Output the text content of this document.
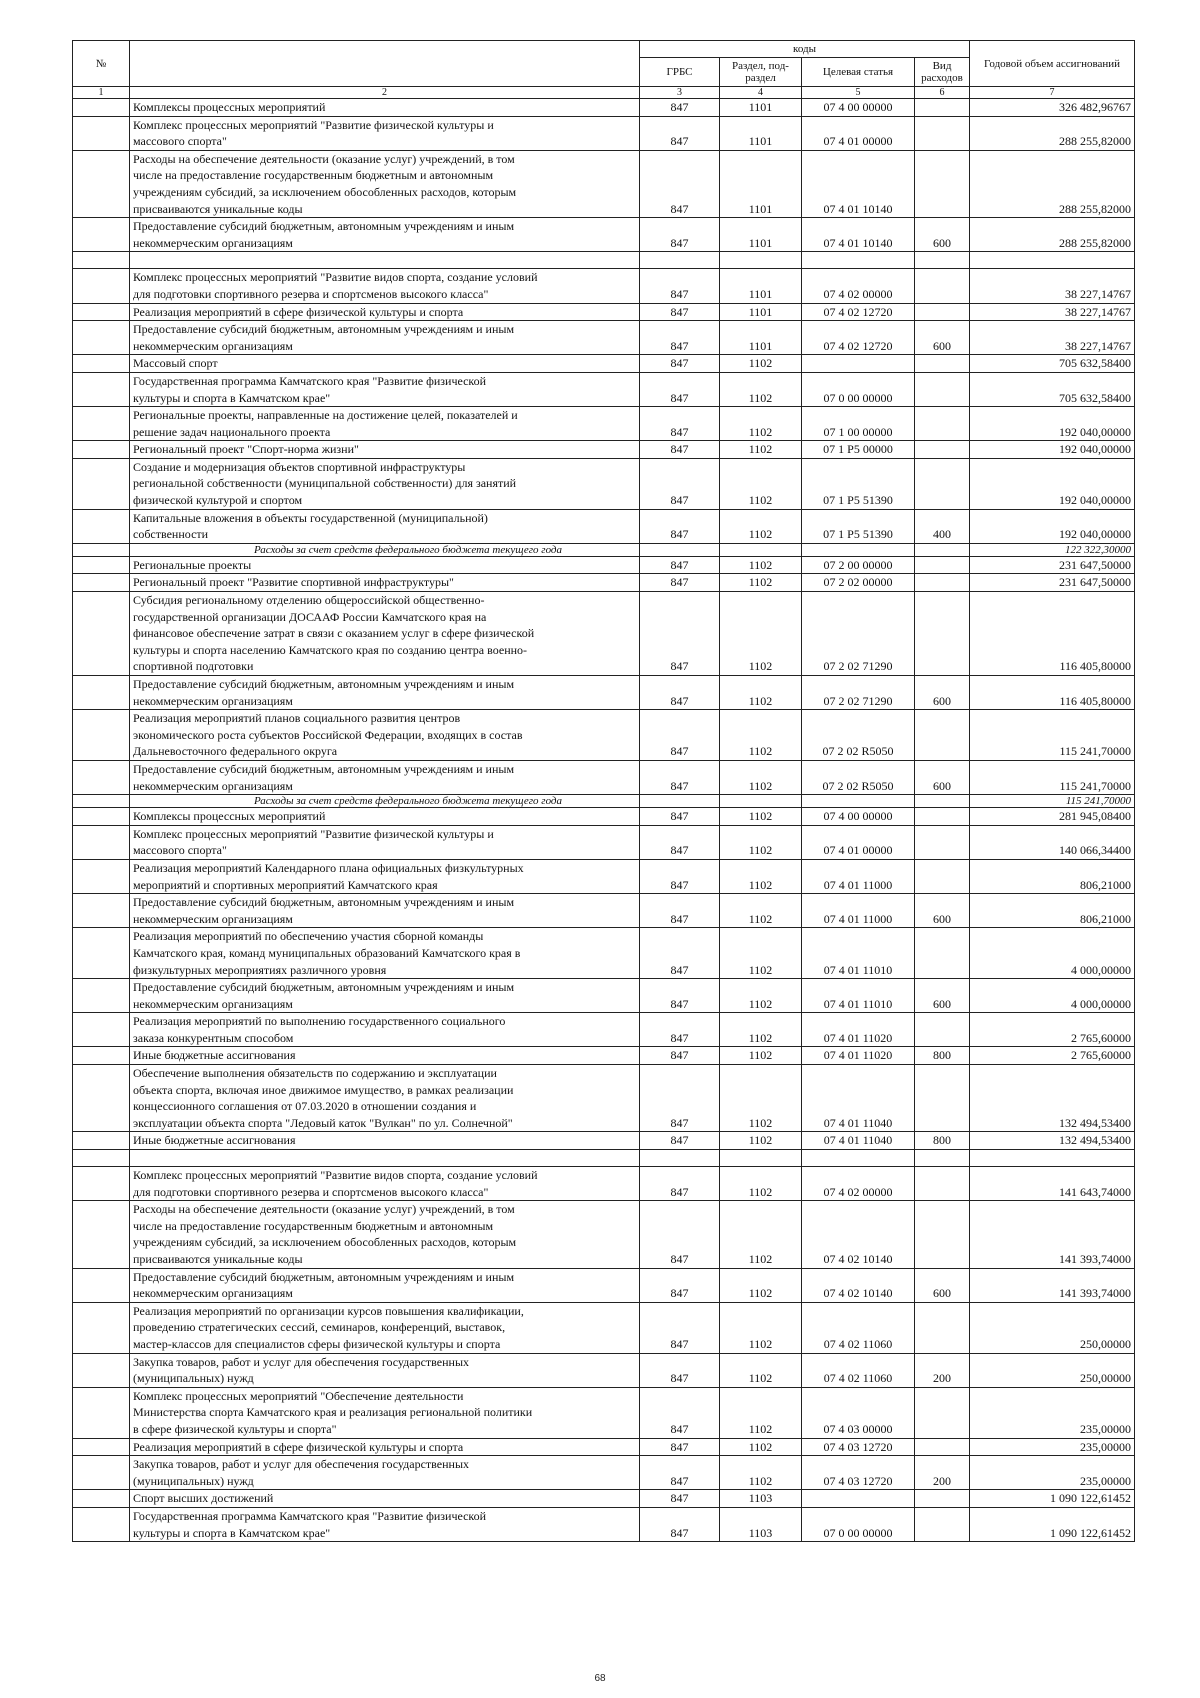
№		коды				Годовой объем ассигнований
		ГРБС	Раздел, под-раздел	Целевая статья	Вид расходов	
1	2	3	4	5	6	7

	Комплексы процессных мероприятий	847	1101	07 4 00 00000		326 482,96767

	Комплекс процессных мероприятий "Развитие физической культуры и
массового спорта"	847	1101	07 4 01 00000		288 255,82000

	Расходы на обеспечение деятельности (оказание услуг) учреждений, в том
числе на предоставление государственным бюджетным и автономным
учреждениям субсидий, за исключением обособленных расходов, которым
присваиваются уникальные коды	847	1101	07 4 01 10140		288 255,82000

	Предоставление субсидий бюджетным, автономным учреждениям и иным
некоммерческим организациям	847	1101	07 4 01 10140	600	288 255,82000

	Комплекс процессных мероприятий "Развитие видов спорта, создание условий
для подготовки спортивного резерва и спортсменов высокого класса"	847	1101	07 4 02 00000		38 227,14767

	Реализация мероприятий в сфере физической культуры и спорта	847	1101	07 4 02 12720		38 227,14767

	Предоставление субсидий бюджетным, автономным учреждениям и иным
некоммерческим организациям	847	1101	07 4 02 12720	600	38 227,14767

	Массовый спорт	847	1102			705 632,58400

	Государственная программа Камчатского края "Развитие физической
культуры и спорта в Камчатском крае"	847	1102	07 0 00 00000		705 632,58400

	Региональные проекты, направленные на достижение целей, показателей и
решение задач национального проекта	847	1102	07 1 00 00000		192 040,00000

	Региональный проект "Спорт-норма жизни"	847	1102	07 1 P5 00000		192 040,00000

	Создание и модернизация объектов спортивной инфраструктуры
региональной собственности (муниципальной собственности) для занятий
физической культурой и спортом	847	1102	07 1 P5 51390		192 040,00000

	Капитальные вложения в объекты государственной (муниципальной)
собственности	847	1102	07 1 P5 51390	400	192 040,00000

	Расходы за счет средств федерального бюджета текущего года					122 322,30000

	Региональные проекты	847	1102	07 2 00 00000		231 647,50000

	Региональный проект "Развитие спортивной инфраструктуры"	847	1102	07 2 02 00000		231 647,50000

	Субсидия региональному отделению общероссийской общественно-
государственной организации ДОСААФ России Камчатского края на
финансовое обеспечение затрат в связи с оказанием услуг в сфере физической
культуры и спорта населению Камчатского края по созданию центра военно-
спортивной подготовки	847	1102	07 2 02 71290		116 405,80000

	Предоставление субсидий бюджетным, автономным учреждениям и иным
некоммерческим организациям	847	1102	07 2 02 71290	600	116 405,80000

	Реализация мероприятий планов социального развития центров
экономического роста субъектов Российской Федерации, входящих в состав
Дальневосточного федерального округа	847	1102	07 2 02 R5050		115 241,70000

	Предоставление субсидий бюджетным, автономным учреждениям и иным
некоммерческим организациям	847	1102	07 2 02 R5050	600	115 241,70000

	Расходы за счет средств федерального бюджета текущего года					115 241,70000

	Комплексы процессных мероприятий	847	1102	07 4 00 00000		281 945,08400

	Комплекс процессных мероприятий "Развитие физической культуры и
массового спорта"	847	1102	07 4 01 00000		140 066,34400

	Реализация мероприятий Календарного плана официальных физкультурных
мероприятий и спортивных мероприятий Камчатского края	847	1102	07 4 01 11000		806,21000

	Предоставление субсидий бюджетным, автономным учреждениям и иным
некоммерческим организациям	847	1102	07 4 01 11000	600	806,21000

	Реализация мероприятий по обеспечению участия сборной команды
Камчатского края, команд муниципальных образований Камчатского края в
физкультурных мероприятиях различного уровня	847	1102	07 4 01 11010		4 000,00000

	Предоставление субсидий бюджетным, автономным учреждениям и иным
некоммерческим организациям	847	1102	07 4 01 11010	600	4 000,00000

	Реализация мероприятий по выполнению государственного социального
заказа конкурентным способом	847	1102	07 4 01 11020		2 765,60000

	Иные бюджетные ассигнования	847	1102	07 4 01 11020	800	2 765,60000

	Обеспечение выполнения обязательств по содержанию и эксплуатации
объекта спорта, включая иное движимое имущество, в рамках реализации
концессионного соглашения от 07.03.2020 в отношении создания и
эксплуатации объекта спорта "Ледовый каток "Вулкан" по ул. Солнечной"	847	1102	07 4 01 11040		132 494,53400

	Иные бюджетные ассигнования	847	1102	07 4 01 11040	800	132 494,53400

	Комплекс процессных мероприятий "Развитие видов спорта, создание условий
для подготовки спортивного резерва и спортсменов высокого класса"	847	1102	07 4 02 00000		141 643,74000

	Расходы на обеспечение деятельности (оказание услуг) учреждений, в том
числе на предоставление государственным бюджетным и автономным
учреждениям субсидий, за исключением обособленных расходов, которым
присваиваются уникальные коды	847	1102	07 4 02 10140		141 393,74000

	Предоставление субсидий бюджетным, автономным учреждениям и иным
некоммерческим организациям	847	1102	07 4 02 10140	600	141 393,74000

	Реализация мероприятий по организации курсов повышения квалификации,
проведению стратегических сессий, семинаров, конференций, выставок,
мастер-классов для специалистов сферы физической культуры и спорта	847	1102	07 4 02 11060		250,00000

	Закупка товаров, работ и услуг для обеспечения государственных
(муниципальных) нужд	847	1102	07 4 02 11060	200	250,00000

	Комплекс процессных мероприятий "Обеспечение деятельности
Министерства спорта Камчатского края и реализация региональной политики
в сфере физической культуры и спорта"	847	1102	07 4 03 00000		235,00000

	Реализация мероприятий в сфере физической культуры и спорта	847	1102	07 4 03 12720		235,00000

	Закупка товаров, работ и услуг для обеспечения государственных
(муниципальных) нужд	847	1102	07 4 03 12720	200	235,00000

	Спорт высших достижений	847	1103			1 090 122,61452

	Государственная программа Камчатского края "Развитие физической
культуры и спорта в Камчатском крае"	847	1103	07 0 00 00000		1 090 122,61452
68
